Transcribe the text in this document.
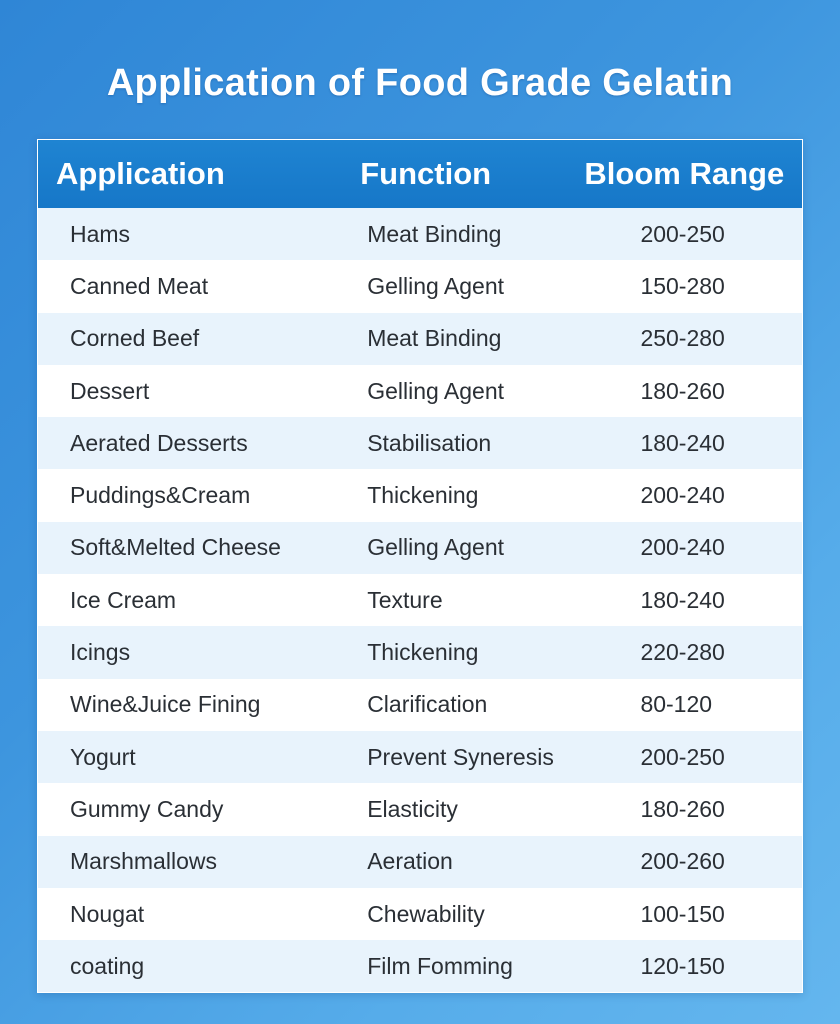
Application of Food Grade Gelatin
Application	Function	Bloom Range
Hams	Meat Binding	200-250
Canned Meat	Gelling Agent	150-280
Corned Beef	Meat Binding	250-280
Dessert	Gelling Agent	180-260
Aerated Desserts	Stabilisation	180-240
Puddings&Cream	Thickening	200-240
Soft&Melted Cheese	Gelling Agent	200-240
Ice Cream	Texture	180-240
Icings	Thickening	220-280
Wine&Juice Fining	Clarification	80-120
Yogurt	Prevent Syneresis	200-250
Gummy Candy	Elasticity	180-260
Marshmallows	Aeration	200-260
Nougat	Chewability	100-150
coating	Film Fomming	120-150
